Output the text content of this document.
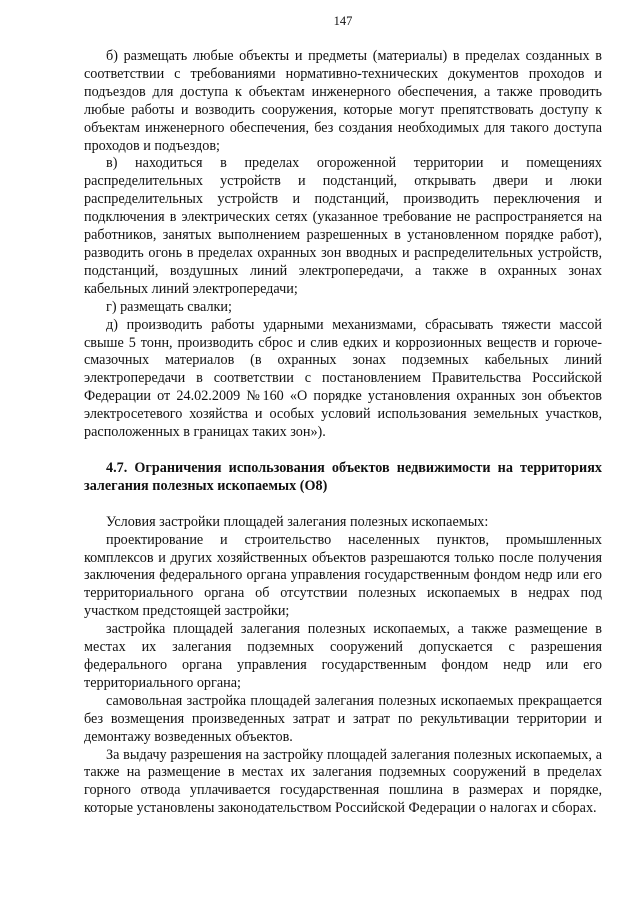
147

б) размещать любые объекты и предметы (материалы) в пределах созданных в соответствии с требованиями нормативно-технических документов проходов и подъездов для доступа к объектам инженерного обеспечения, а также проводить любые работы и возводить сооружения, которые могут препятствовать доступу к объектам инженерного обеспечения, без создания необходимых для такого доступа проходов и подъездов;

в) находиться в пределах огороженной территории и помещениях распределительных устройств и подстанций, открывать двери и люки распределительных устройств и подстанций, производить переключения и подключения в электрических сетях (указанное требование не распространяется на работников, занятых выполнением разрешенных в установленном порядке работ), разводить огонь в пределах охранных зон вводных и распределительных устройств, подстанций, воздушных линий электропередачи, а также в охранных зонах кабельных линий электропередачи;

г) размещать свалки;

д) производить работы ударными механизмами, сбрасывать тяжести массой свыше 5 тонн, производить сброс и слив едких и коррозионных веществ и горюче-смазочных материалов (в охранных зонах подземных кабельных линий электропередачи в соответствии с постановлением Правительства Российской Федерации от 24.02.2009 №160 «О порядке установления охранных зон объектов электросетевого хозяйства и особых условий использования земельных участков, расположенных в границах таких зон»).

4.7. Ограничения использования объектов недвижимости на территориях залегания полезных ископаемых (О8)

Условия застройки площадей залегания полезных ископаемых:

проектирование и строительство населенных пунктов, промышленных комплексов и других хозяйственных объектов разрешаются только после получения заключения федерального органа управления государственным фондом недр или его территориального органа об отсутствии полезных ископаемых в недрах под участком предстоящей застройки;

застройка площадей залегания полезных ископаемых, а также размещение в местах их залегания подземных сооружений допускается с разрешения федерального органа управления государственным фондом недр или его территориального органа;

самовольная застройка площадей залегания полезных ископаемых прекращается без возмещения произведенных затрат и затрат по рекультивации территории и демонтажу возведенных объектов.

За выдачу разрешения на застройку площадей залегания полезных ископаемых, а также на размещение в местах их залегания подземных сооружений в пределах горного отвода уплачивается государственная пошлина в размерах и порядке, которые установлены законодательством Российской Федерации о налогах и сборах.
